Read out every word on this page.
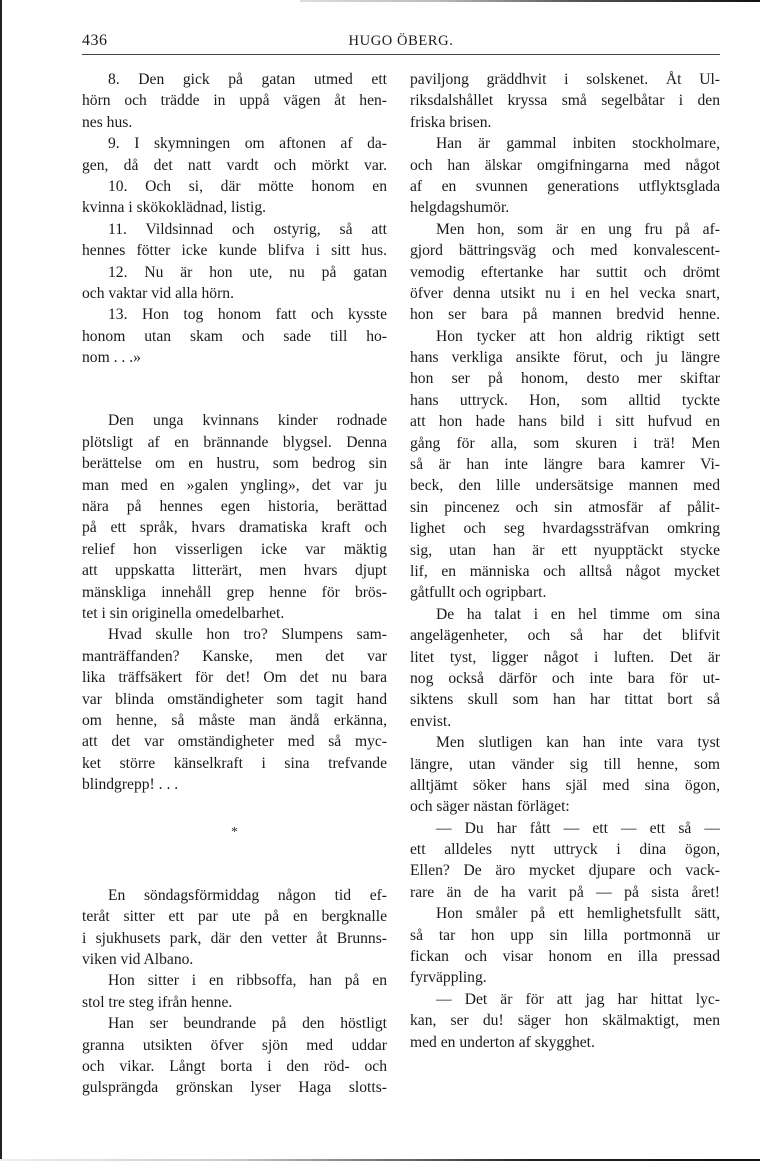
436	HUGO ÖBERG.
8. Den gick på gatan utmed ett
hörn och trädde in uppå vägen åt hen-
nes hus.
9. I skymningen om aftonen af da-
gen, då det natt vardt och mörkt var.
10. Och si, där mötte honom en
kvinna i skökoklädnad, listig.
11. Vildsinnad och ostyrig, så att
hennes fötter icke kunde blifva i sitt hus.
12. Nu är hon ute, nu på gatan
och vaktar vid alla hörn.
13. Hon tog honom fatt och kysste
honom utan skam och sade till ho-
nom . . .»
Den unga kvinnans kinder rodnade
plötsligt af en brännande blygsel. Denna
berättelse om en hustru, som bedrog sin
man med en »galen yngling», det var ju
nära på hennes egen historia, berättad
på ett språk, hvars dramatiska kraft och
relief hon visserligen icke var mäktig
att uppskatta litterärt, men hvars djupt
mänskliga innehåll grep henne för brös-
tet i sin originella omedelbarhet.
Hvad skulle hon tro? Slumpens sam-
manträffanden? Kanske, men det var
lika träffsäkert för det! Om det nu bara
var blinda omständigheter som tagit hand
om henne, så måste man ändå erkänna,
att det var omständigheter med så myc-
ket större känselkraft i sina trefvande
blindgrepp! . . .
*
En söndagsförmiddag någon tid ef-
teråt sitter ett par ute på en bergknalle
i sjukhusets park, där den vetter åt Brunns-
viken vid Albano.
Hon sitter i en ribbsoffa, han på en
stol tre steg ifrån henne.
Han ser beundrande på den höstligt
granna utsikten öfver sjön med uddar
och vikar. Långt borta i den röd- och
gulsprängda grönskan lyser Haga slotts-
paviljong gräddhvit i solskenet. Åt Ul-
riksdalshållet kryssa små segelbåtar i den
friska brisen.
Han är gammal inbiten stockholmare,
och han älskar omgifningarna med något
af en svunnen generations utflyktsglada
helgdagshumör.
Men hon, som är en ung fru på af-
gjord bättringsväg och med konvalescent-
vemodig eftertanke har suttit och drömt
öfver denna utsikt nu i en hel vecka snart,
hon ser bara på mannen bredvid henne.
Hon tycker att hon aldrig riktigt sett
hans verkliga ansikte förut, och ju längre
hon ser på honom, desto mer skiftar
hans uttryck. Hon, som alltid tyckte
att hon hade hans bild i sitt hufvud en
gång för alla, som skuren i trä! Men
så är han inte längre bara kamrer Vi-
beck, den lille undersätsige mannen med
sin pincenez och sin atmosfär af pålit-
lighet och seg hvardagssträfvan omkring
sig, utan han är ett nyupptäckt stycke
lif, en människa och alltså något mycket
gåtfullt och ogripbart.
De ha talat i en hel timme om sina
angelägenheter, och så har det blifvit
litet tyst, ligger något i luften. Det är
nog också därför och inte bara för ut-
siktens skull som han har tittat bort så
envist.
Men slutligen kan han inte vara tyst
längre, utan vänder sig till henne, som
alltjämt söker hans själ med sina ögon,
och säger nästan förläget:
— Du har fått — ett — ett så —
ett alldeles nytt uttryck i dina ögon,
Ellen? De äro mycket djupare och vack-
rare än de ha varit på — på sista året!
Hon småler på ett hemlighetsfullt sätt,
så tar hon upp sin lilla portmonnä ur
fickan och visar honom en illa pressad
fyrväppling.
— Det är för att jag har hittat lyc-
kan, ser du! säger hon skälmaktigt, men
med en underton af skygghet.
